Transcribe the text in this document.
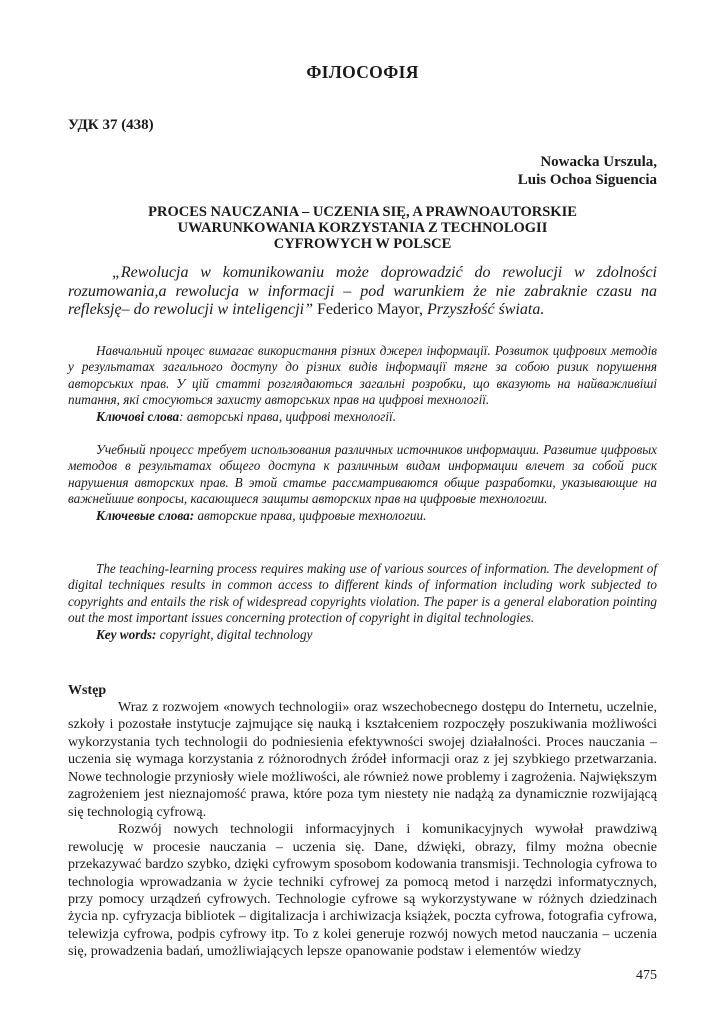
ФІЛОСОФІЯ
УДК 37 (438)
Nowacka Urszula,
Luis Ochoa Siguencia
PROCES NAUCZANIA – UCZENIA SIĘ, A PRAWNOAUTORSKIE
UWARUNKOWANIA KORZYSTANIA Z TECHNOLOGII
CYFROWYCH W POLSCE
„Rewolucja w komunikowaniu może doprowadzić do rewolucji w zdolności rozumowania,a rewolucja w informacji – pod warunkiem że nie zabraknie czasu na refleksję– do rewolucji w inteligencji” Federico Mayor, Przyszłość świata.

Навчальний процес вимагає використання різних джерел інформації. Розвиток цифрових методів у результатах загального доступу до різних видів інформації тягне за собою ризик порушення авторських прав. У цій статті розглядаються загальні розробки, що вказують на найважливіші питання, які стосуються захисту авторських прав на цифрові технології.

Ключові слова: авторські права, цифрові технології.

Учебный процесс требует использования различных источников информации. Развитие цифровых методов в результатах общего доступа к различным видам информации влечет за собой риск нарушения авторских прав. В этой статье рассматриваются общие разработки, указывающие на важнейшие вопросы, касающиеся защиты авторских прав на цифровые технологии.

Ключевые слова: авторские права, цифровые технологии.

The teaching-learning process requires making use of various sources of information. The development of digital techniques results in common access to different kinds of information including work subjected to copyrights and entails the risk of widespread copyrights violation. The paper is a general elaboration pointing out the most important issues concerning protection of copyright in digital technologies.

Key words: copyright, digital technology

Wstęp

Wraz z rozwojem «nowych technologii» oraz wszechobecnego dostępu do Internetu, uczelnie, szkoły i pozostałe instytucje zajmujące się nauką i kształceniem rozpoczęły poszukiwania możliwości wykorzystania tych technologii do podniesienia efektywności swojej działalności. Proces nauczania – uczenia się wymaga korzystania z różnorodnych źródeł informacji oraz z jej szybkiego przetwarzania. Nowe technologie przyniosły wiele możliwości, ale również nowe problemy i zagrożenia. Największym zagrożeniem jest nieznajomość prawa, które poza tym niestety nie nadążą za dynamicznie rozwijającą się technologią cyfrową.

Rozwój nowych technologii informacyjnych i komunikacyjnych wywołał prawdziwą rewolucję w procesie nauczania – uczenia się. Dane, dźwięki, obrazy, filmy można obecnie przekazywać bardzo szybko, dzięki cyfrowym sposobom kodowania transmisji. Technologia cyfrowa to technologia wprowadzania w życie techniki cyfrowej za pomocą metod i narzędzi informatycznych, przy pomocy urządzeń cyfrowych. Technologie cyfrowe są wykorzystywane w różnych dziedzinach życia np. cyfryzacja bibliotek – digitalizacja i archiwizacja książek, poczta cyfrowa, fotografia cyfrowa, telewizja cyfrowa, podpis cyfrowy itp. To z kolei generuje rozwój nowych metod nauczania – uczenia się, prowadzenia badań, umożliwiających lepsze opanowanie podstaw i elementów wiedzy

475
